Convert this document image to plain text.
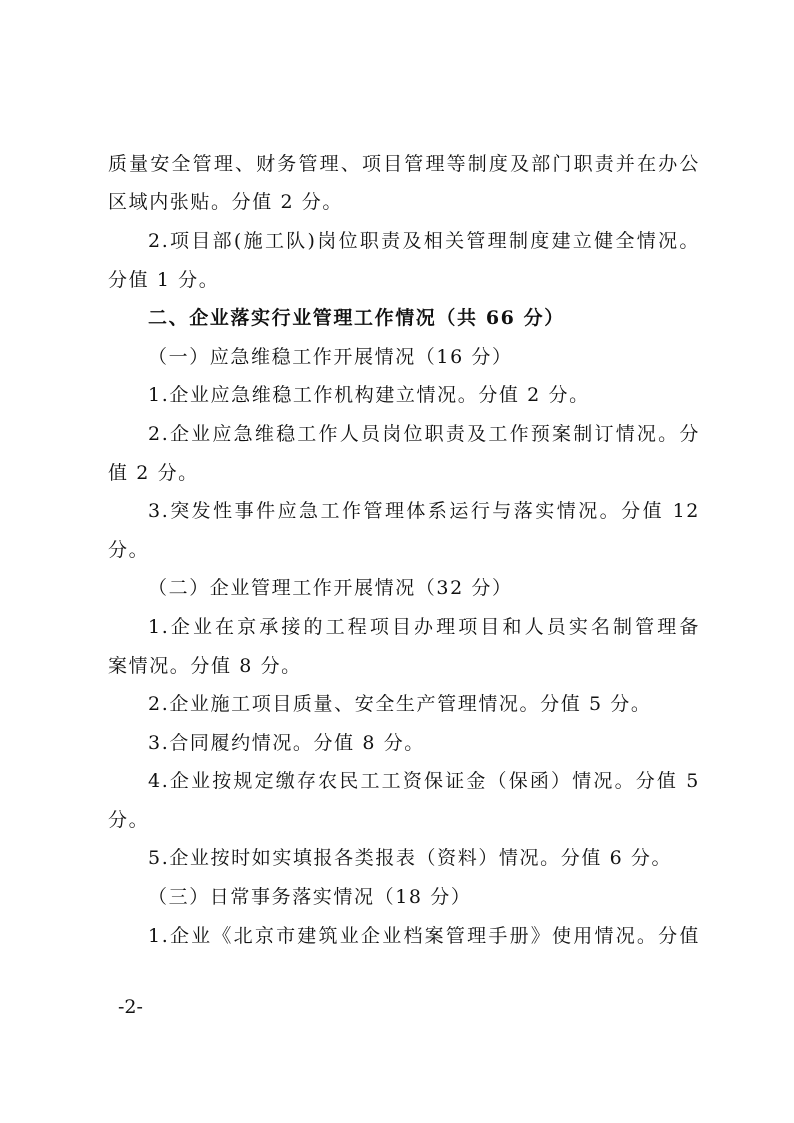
质量安全管理、财务管理、项目管理等制度及部门职责并在办公
区域内张贴。分值 2 分。
2.项目部(施工队)岗位职责及相关管理制度建立健全情况。
分值 1 分。
二、企业落实行业管理工作情况（共 66 分）
（一）应急维稳工作开展情况（16 分）
1.企业应急维稳工作机构建立情况。分值 2 分。
2.企业应急维稳工作人员岗位职责及工作预案制订情况。分
值 2 分。
3.突发性事件应急工作管理体系运行与落实情况。分值 12
分。
（二）企业管理工作开展情况（32 分）
1.企业在京承接的工程项目办理项目和人员实名制管理备
案情况。分值 8 分。
2.企业施工项目质量、安全生产管理情况。分值 5 分。
3.合同履约情况。分值 8 分。
4.企业按规定缴存农民工工资保证金（保函）情况。分值 5
分。
5.企业按时如实填报各类报表（资料）情况。分值 6 分。
（三）日常事务落实情况（18 分）
1.企业《北京市建筑业企业档案管理手册》使用情况。分值
-2-
